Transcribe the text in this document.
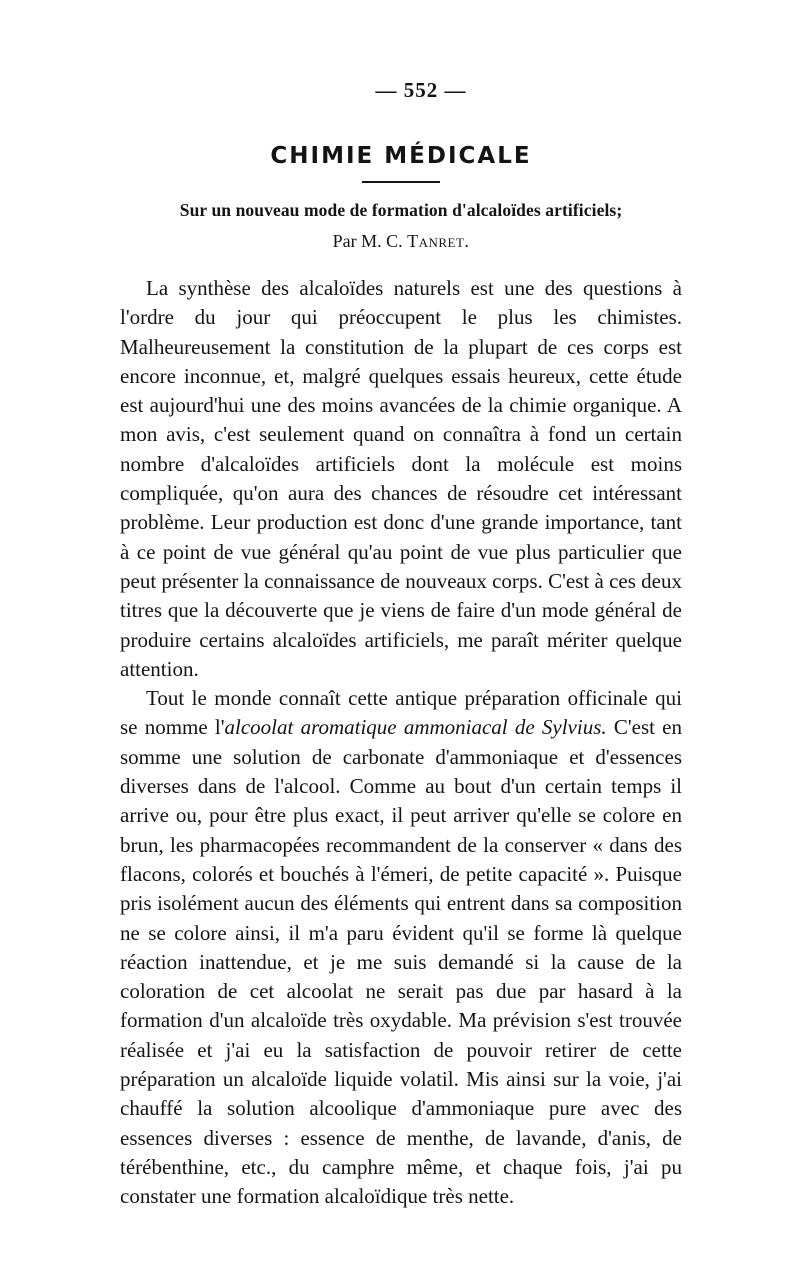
— 552 —
CHIMIE MÉDICALE
Sur un nouveau mode de formation d'alcaloïdes artificiels;
Par M. C. Tanret.

La synthèse des alcaloïdes naturels est une des questions à l'ordre du jour qui préoccupent le plus les chimistes. Malheureusement la constitution de la plupart de ces corps est encore inconnue, et, malgré quelques essais heureux, cette étude est aujourd'hui une des moins avancées de la chimie organique. A mon avis, c'est seulement quand on connaîtra à fond un certain nombre d'alcaloïdes artificiels dont la molécule est moins compliquée, qu'on aura des chances de résoudre cet intéressant problème. Leur production est donc d'une grande importance, tant à ce point de vue général qu'au point de vue plus particulier que peut présenter la connaissance de nouveaux corps. C'est à ces deux titres que la découverte que je viens de faire d'un mode général de produire certains alcaloïdes artificiels, me paraît mériter quelque attention.

Tout le monde connaît cette antique préparation officinale qui se nomme l'alcoolat aromatique ammoniacal de Sylvius. C'est en somme une solution de carbonate d'ammoniaque et d'essences diverses dans de l'alcool. Comme au bout d'un certain temps il arrive ou, pour être plus exact, il peut arriver qu'elle se colore en brun, les pharmacopées recommandent de la conserver « dans des flacons, colorés et bouchés à l'émeri, de petite capacité ». Puisque pris isolément aucun des éléments qui entrent dans sa composition ne se colore ainsi, il m'a paru évident qu'il se forme là quelque réaction inattendue, et je me suis demandé si la cause de la coloration de cet alcoolat ne serait pas due par hasard à la formation d'un alcaloïde très oxydable. Ma prévision s'est trouvée réalisée et j'ai eu la satisfaction de pouvoir retirer de cette préparation un alcaloïde liquide volatil. Mis ainsi sur la voie, j'ai chauffé la solution alcoolique d'ammoniaque pure avec des essences diverses : essence de menthe, de lavande, d'anis, de térébenthine, etc., du camphre même, et chaque fois, j'ai pu constater une formation alcaloïdique très nette.
